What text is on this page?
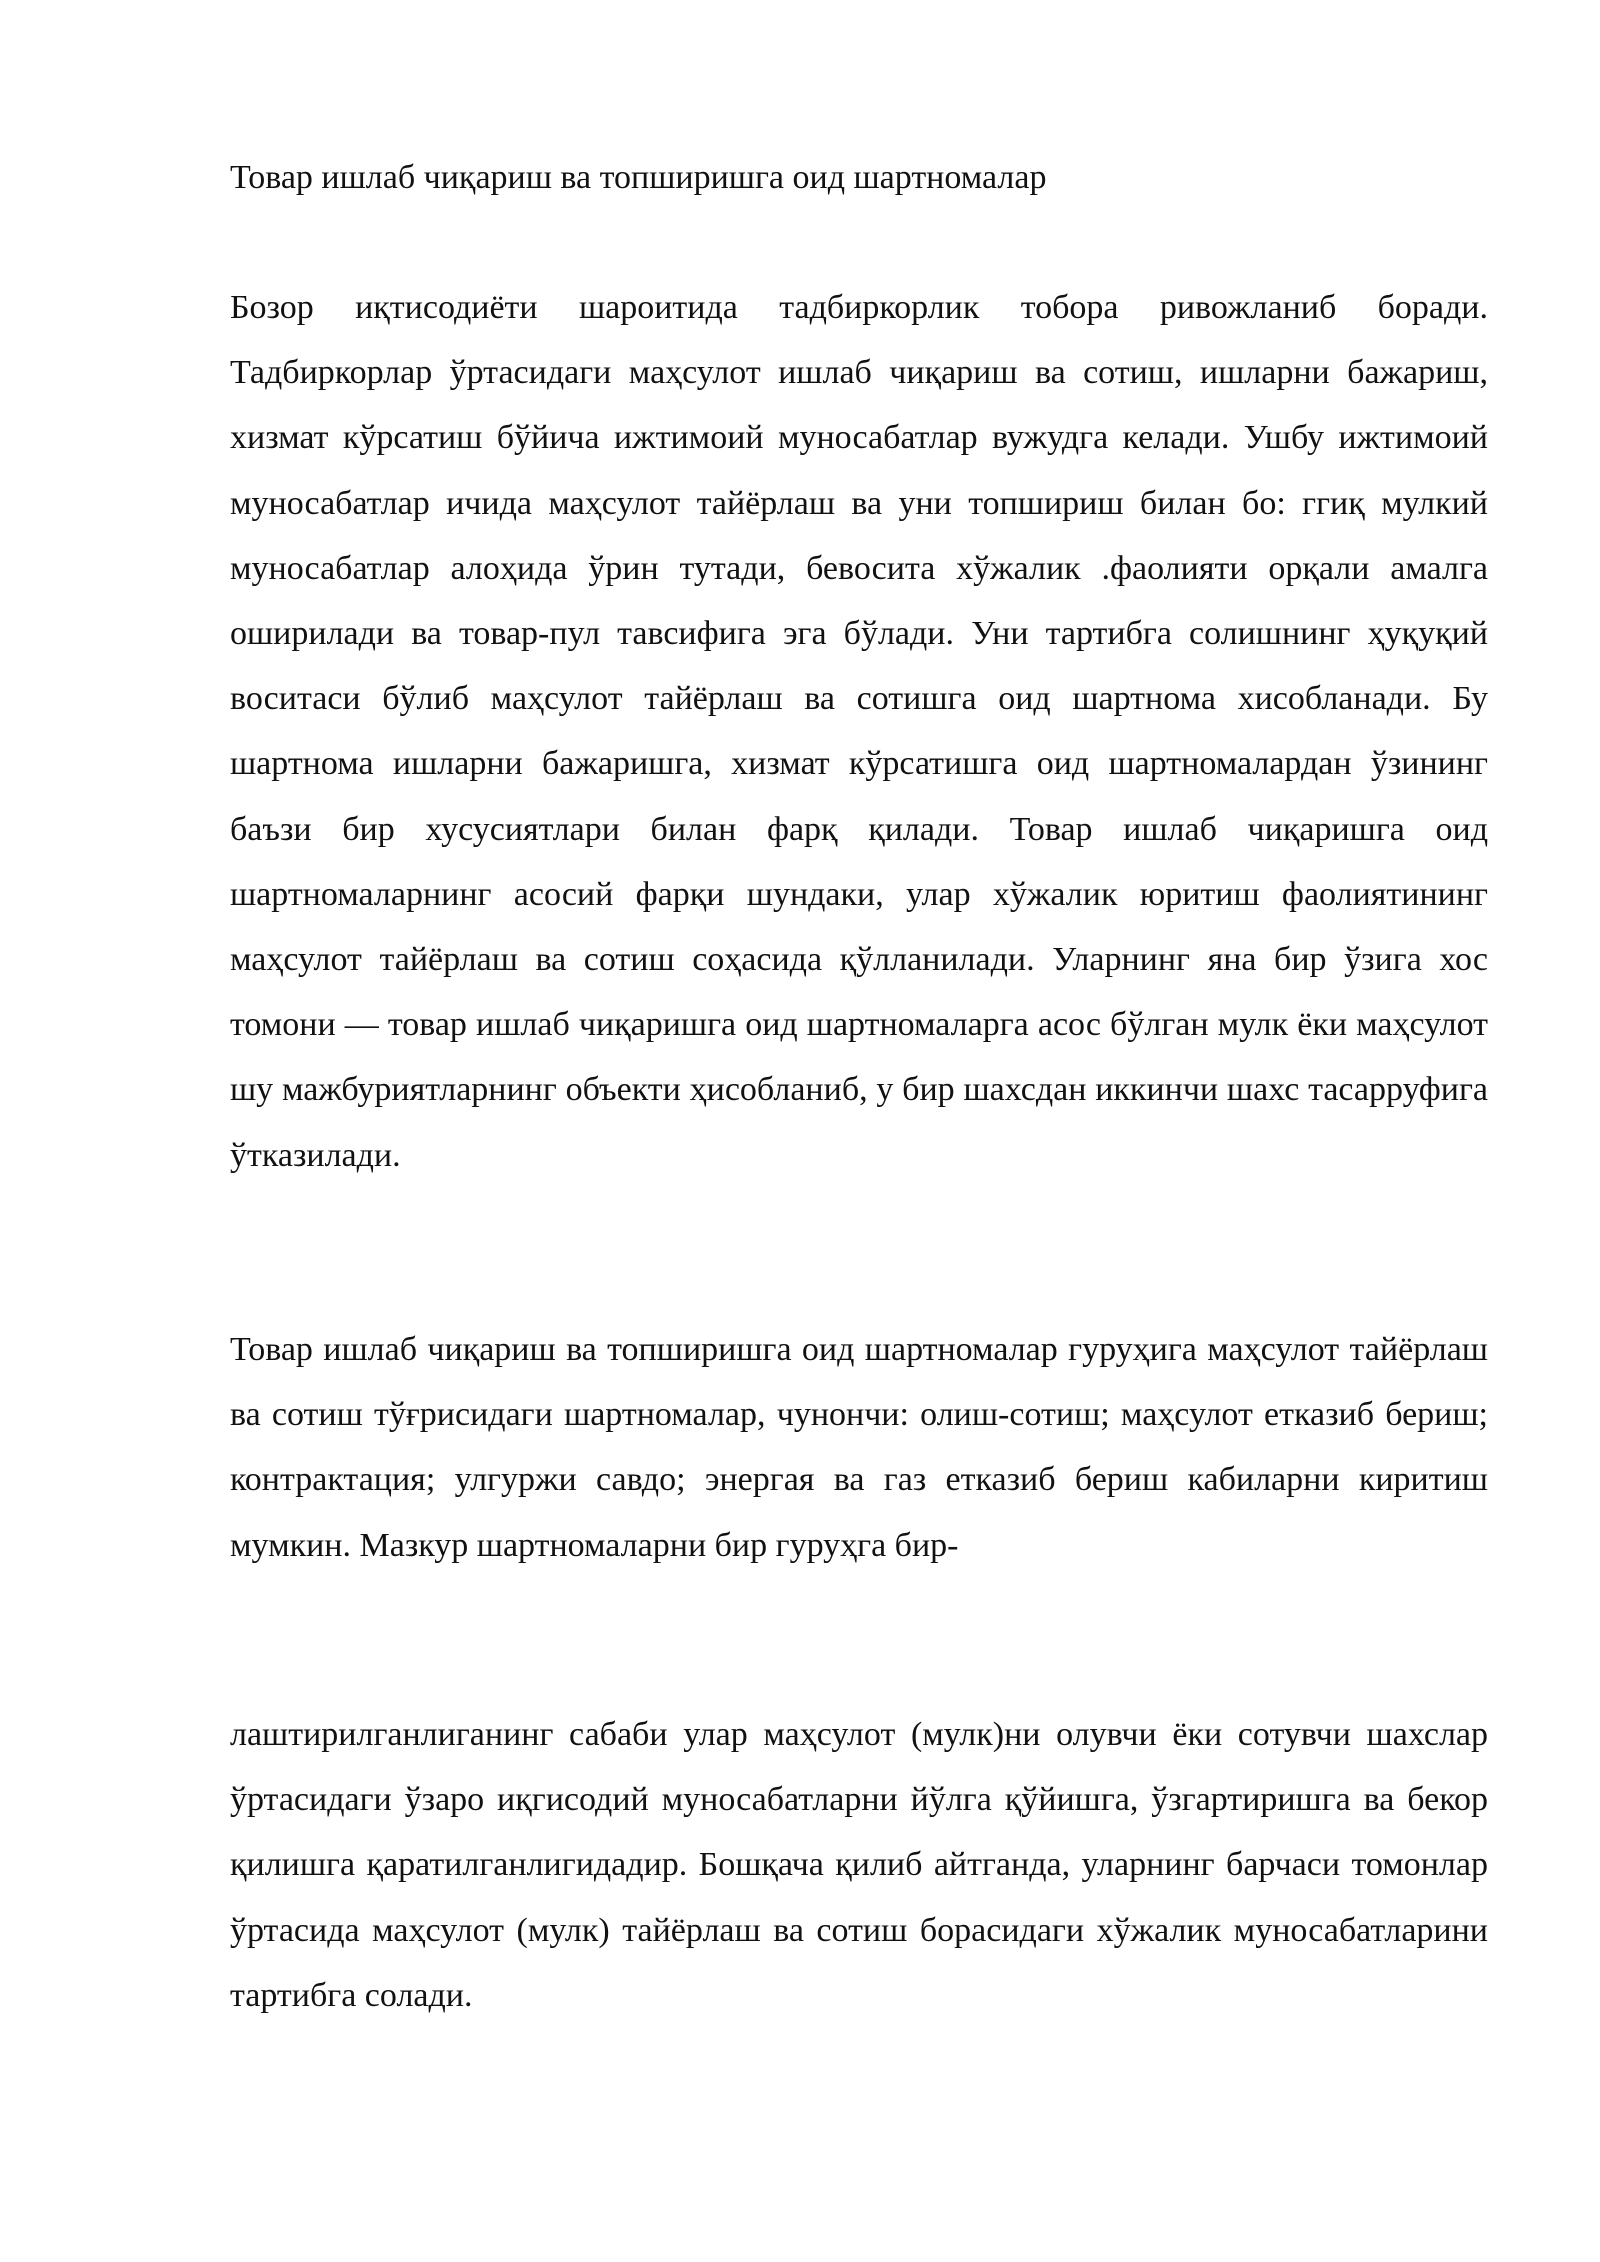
Товар ишлаб чиқариш ва топширишга оид шартномалар

Бозор иқтисодиёти шароитида тадбиркорлик тобора ривожланиб боради. Тадбиркорлар ўртасидаги маҳсулот ишлаб чиқариш ва сотиш, ишларни бажариш, хизмат кўрсатиш бўйича ижтимоий муносабатлар вужудга келади. Ушбу ижтимоий муносабатлар ичида маҳсулот тайёрлаш ва уни топшириш билан бо: ггиқ мулкий муносабатлар алоҳида ўрин тутади, бевосита хўжалик .фаолияти орқали амалга оширилади ва товар-пул тавсифига эга бўлади. Уни тартибга солишнинг ҳуқуқий воситаси бўлиб маҳсулот тайёрлаш ва сотишга оид шартнома хисобланади. Бу шартнома ишларни бажаришга, хизмат кўрсатишга оид шартномалардан ўзининг баъзи бир хусусиятлари билан фарқ қилади. Товар ишлаб чиқаришга оид шартномаларнинг асосий фарқи шундаки, улар хўжалик юритиш фаолиятининг маҳсулот тайёрлаш ва сотиш соҳасида қўлланилади. Уларнинг яна бир ўзига хос томони — товар ишлаб чиқаришга оид шартномаларга асос бўлган мулк ёки маҳсулот шу мажбуриятларнинг объекти ҳисобланиб, у бир шахсдан иккинчи шахс тасарруфига ўтказилади.

Товар ишлаб чиқариш ва топширишга оид шартномалар гуруҳига маҳсулот тайёрлаш ва сотиш тўғрисидаги шартномалар, чунончи: олиш-сотиш; маҳсулот етказиб бериш; контрактация; улгуржи савдо; энергая ва газ етказиб бериш кабиларни киритиш мумкин. Мазкур шартномаларни бир гуруҳга бир-

лаштирилганлиганинг сабаби улар маҳсулот (мулк)ни олувчи ёки сотувчи шахслар ўртасидаги ўзаро иқгисодий муносабатларни йўлга қўйишга, ўзгартиришга ва бекор қилишга қаратилганлигидадир. Бошқача қилиб айтганда, уларнинг барчаси томонлар ўртасида маҳсулот (мулк) тайёрлаш ва сотиш борасидаги хўжалик муносабатларини тартибга солади.
